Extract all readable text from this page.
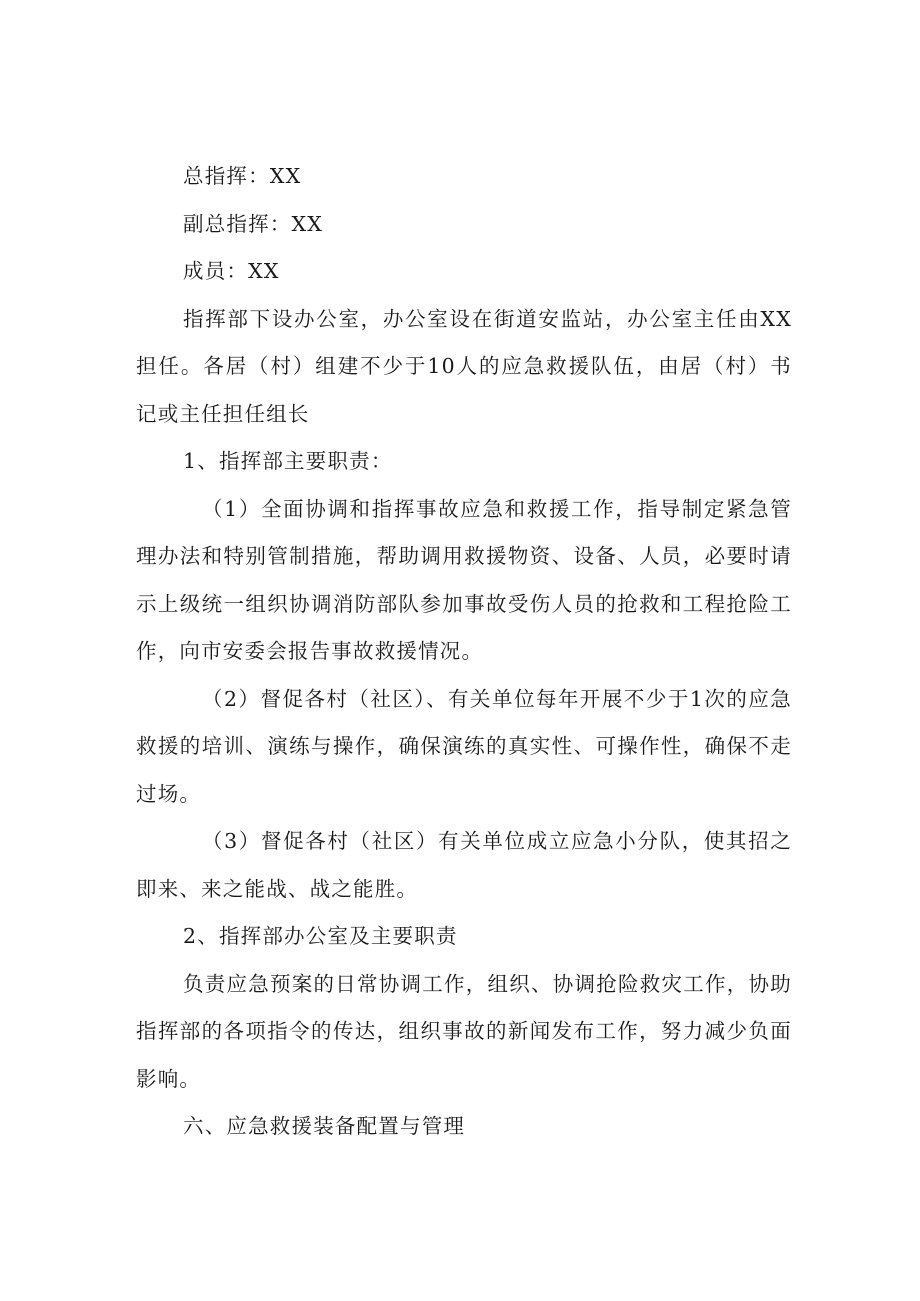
总指挥：XX

副总指挥：XX

成员：XX

指挥部下设办公室，办公室设在街道安监站，办公室主任由XX担任。各居（村）组建不少于10人的应急救援队伍，由居（村）书记或主任担任组长

1、指挥部主要职责：

（1）全面协调和指挥事故应急和救援工作，指导制定紧急管理办法和特别管制措施，帮助调用救援物资、设备、人员，必要时请示上级统一组织协调消防部队参加事故受伤人员的抢救和工程抢险工作，向市安委会报告事故救援情况。

（2）督促各村（社区）、有关单位每年开展不少于1次的应急救援的培训、演练与操作，确保演练的真实性、可操作性，确保不走过场。

（3）督促各村（社区）有关单位成立应急小分队，使其招之即来、来之能战、战之能胜。

2、指挥部办公室及主要职责

负责应急预案的日常协调工作，组织、协调抢险救灾工作，协助指挥部的各项指令的传达，组织事故的新闻发布工作，努力减少负面影响。

六、应急救援装备配置与管理
